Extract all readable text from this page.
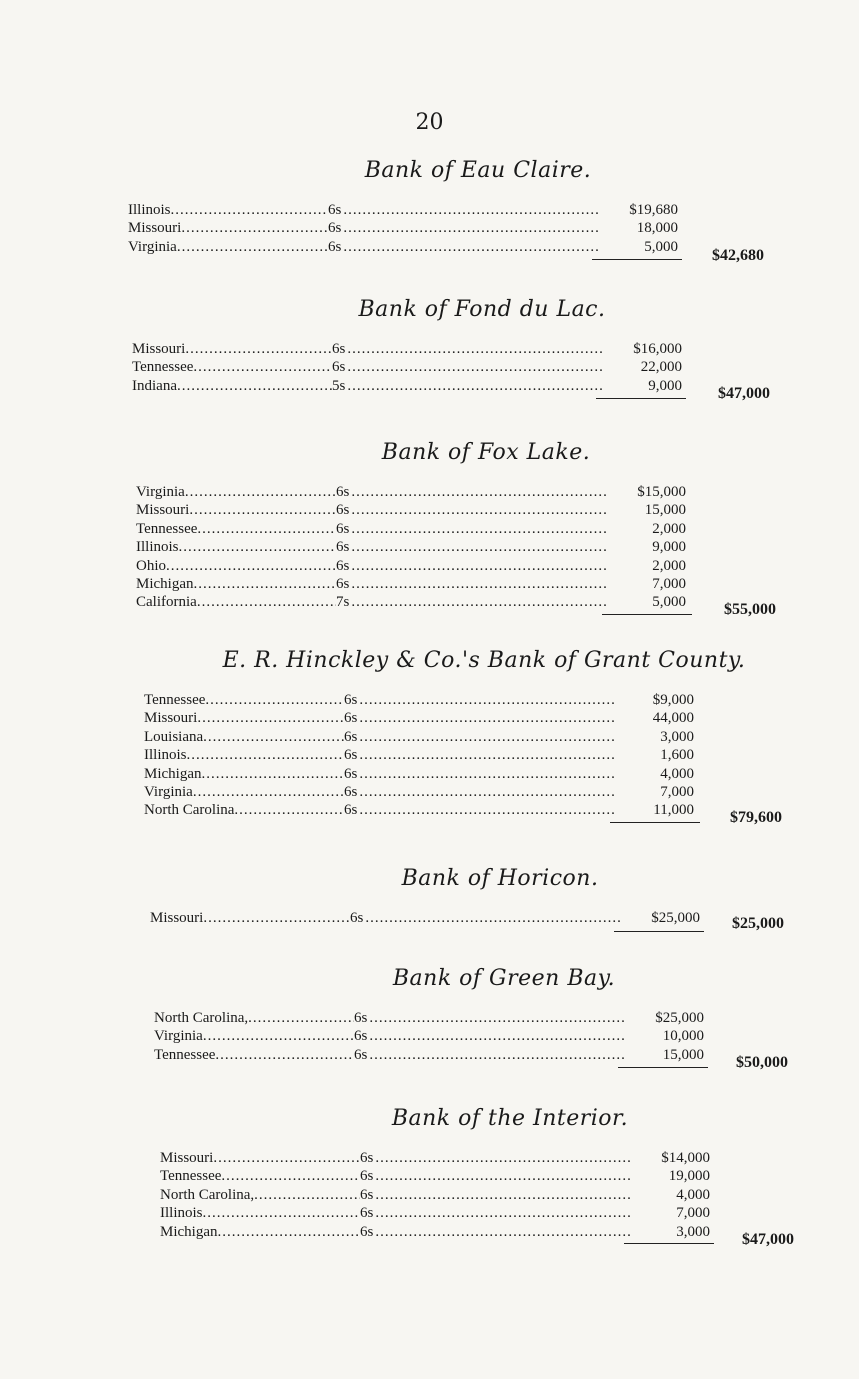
20
Bank of Eau Claire.
Illinois .....	6s .....	$19,680
Missouri .....	6s .....	18,000
Virginia .....	6s .....	5,000
$42,680
Bank of Fond du Lac.
Missouri .....	6s .....	$16,000
Tennessee .....	6s .....	22,000
Indiana .....	5s .....	9,000 $47,000
Bank of Fox Lake.
Virginia .....	6s .....	$15,000
Missouri .....	6s .....	15,000
Tennessee .....	6s .....	2,000
Illinois .....	6s .....	9,000
Ohio .....	6s .....	2,000
Michigan .....	6s .....	7,000
California .....	7s .....	5,000 $55,000
E. R. Hinckley & Co.'s Bank of Grant County.
Tennessee .....	6s .....	$9,000
Missouri .....	6s .....	44,000
Louisiana .....	6s .....	3,000
Illinois .....	6s .....	1,600
Michigan .....	6s .....	4,000
Virginia .....	6s .....	7,000
North Carolina .....	6s .....	11,000 $79,600
Bank of Horicon.
Missouri .....	6s .....	$25,000 $25,000
Bank of Green Bay.
North Carolina, .....	6s .....	$25,000
Virginia .....	6s .....	10,000
Tennessee .....	6s .....	15,000 $50,000
Bank of the Interior.
Missouri .....	6s .....	$14,000
Tennessee .....	6s .....	19,000
North Carolina, .....	6s .....	4,000
Illinois .....	6s .....	7,000
Michigan .....	6s .....	3,000 $47,000
